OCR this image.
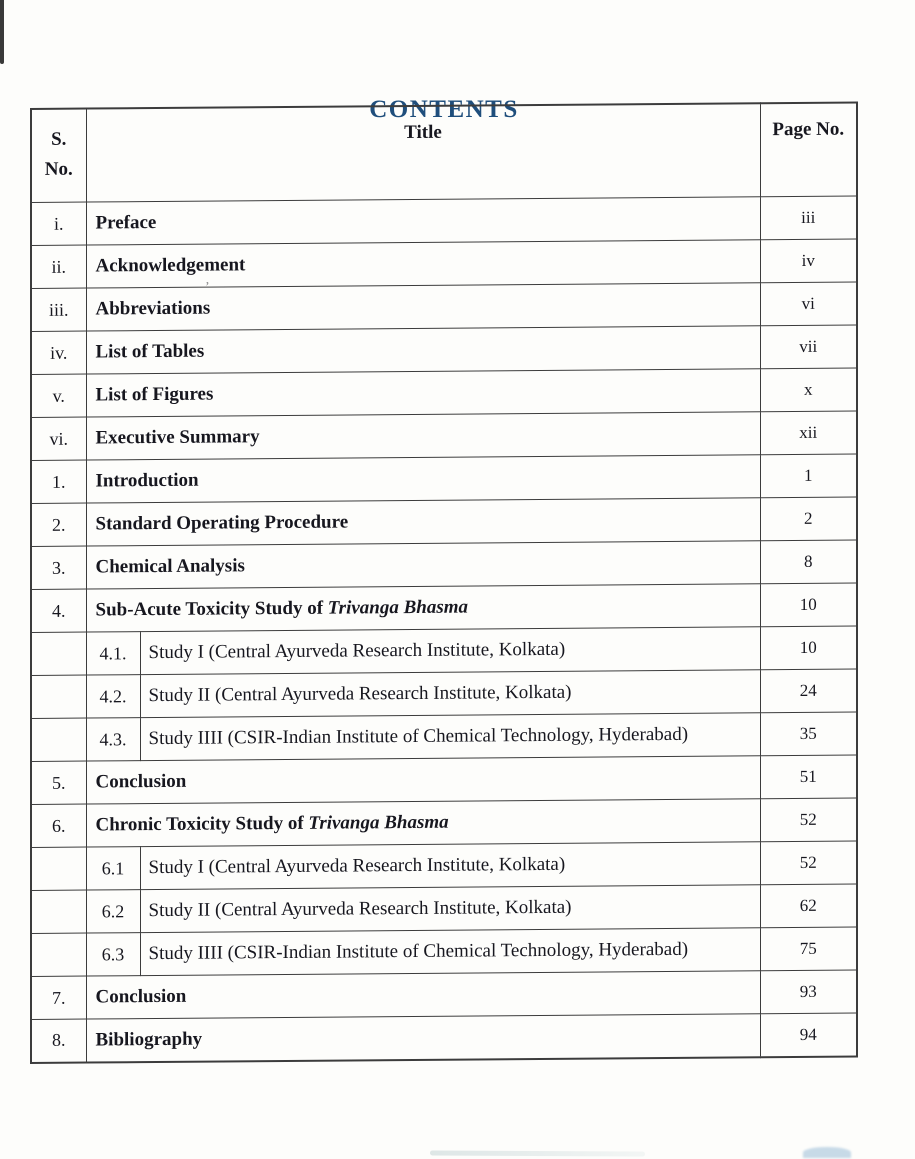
CONTENTS
S.
No.	Title		Page No.
i.	Preface		iii
ii.	Acknowledgement		iv
iii.	Abbreviations		vi
iv.	List of Tables		vii
v.	List of Figures		x
vi.	Executive Summary		xii
1.	Introduction		1
2.	Standard Operating Procedure		2
3.	Chemical Analysis		8
4.	Sub-Acute Toxicity Study of Trivanga Bhasma		10
	4.1.	Study I (Central Ayurveda Research Institute, Kolkata)	10
	4.2.	Study II (Central Ayurveda Research Institute, Kolkata)	24
	4.3.	Study IIII (CSIR-Indian Institute of Chemical Technology, Hyderabad)	35
5.	Conclusion		51
6.	Chronic Toxicity Study of Trivanga Bhasma		52
	6.1	Study I (Central Ayurveda Research Institute, Kolkata)	52
	6.2	Study II (Central Ayurveda Research Institute, Kolkata)	62
	6.3	Study IIII (CSIR-Indian Institute of Chemical Technology, Hyderabad)	75
7.	Conclusion		93
8.	Bibliography		94
’
